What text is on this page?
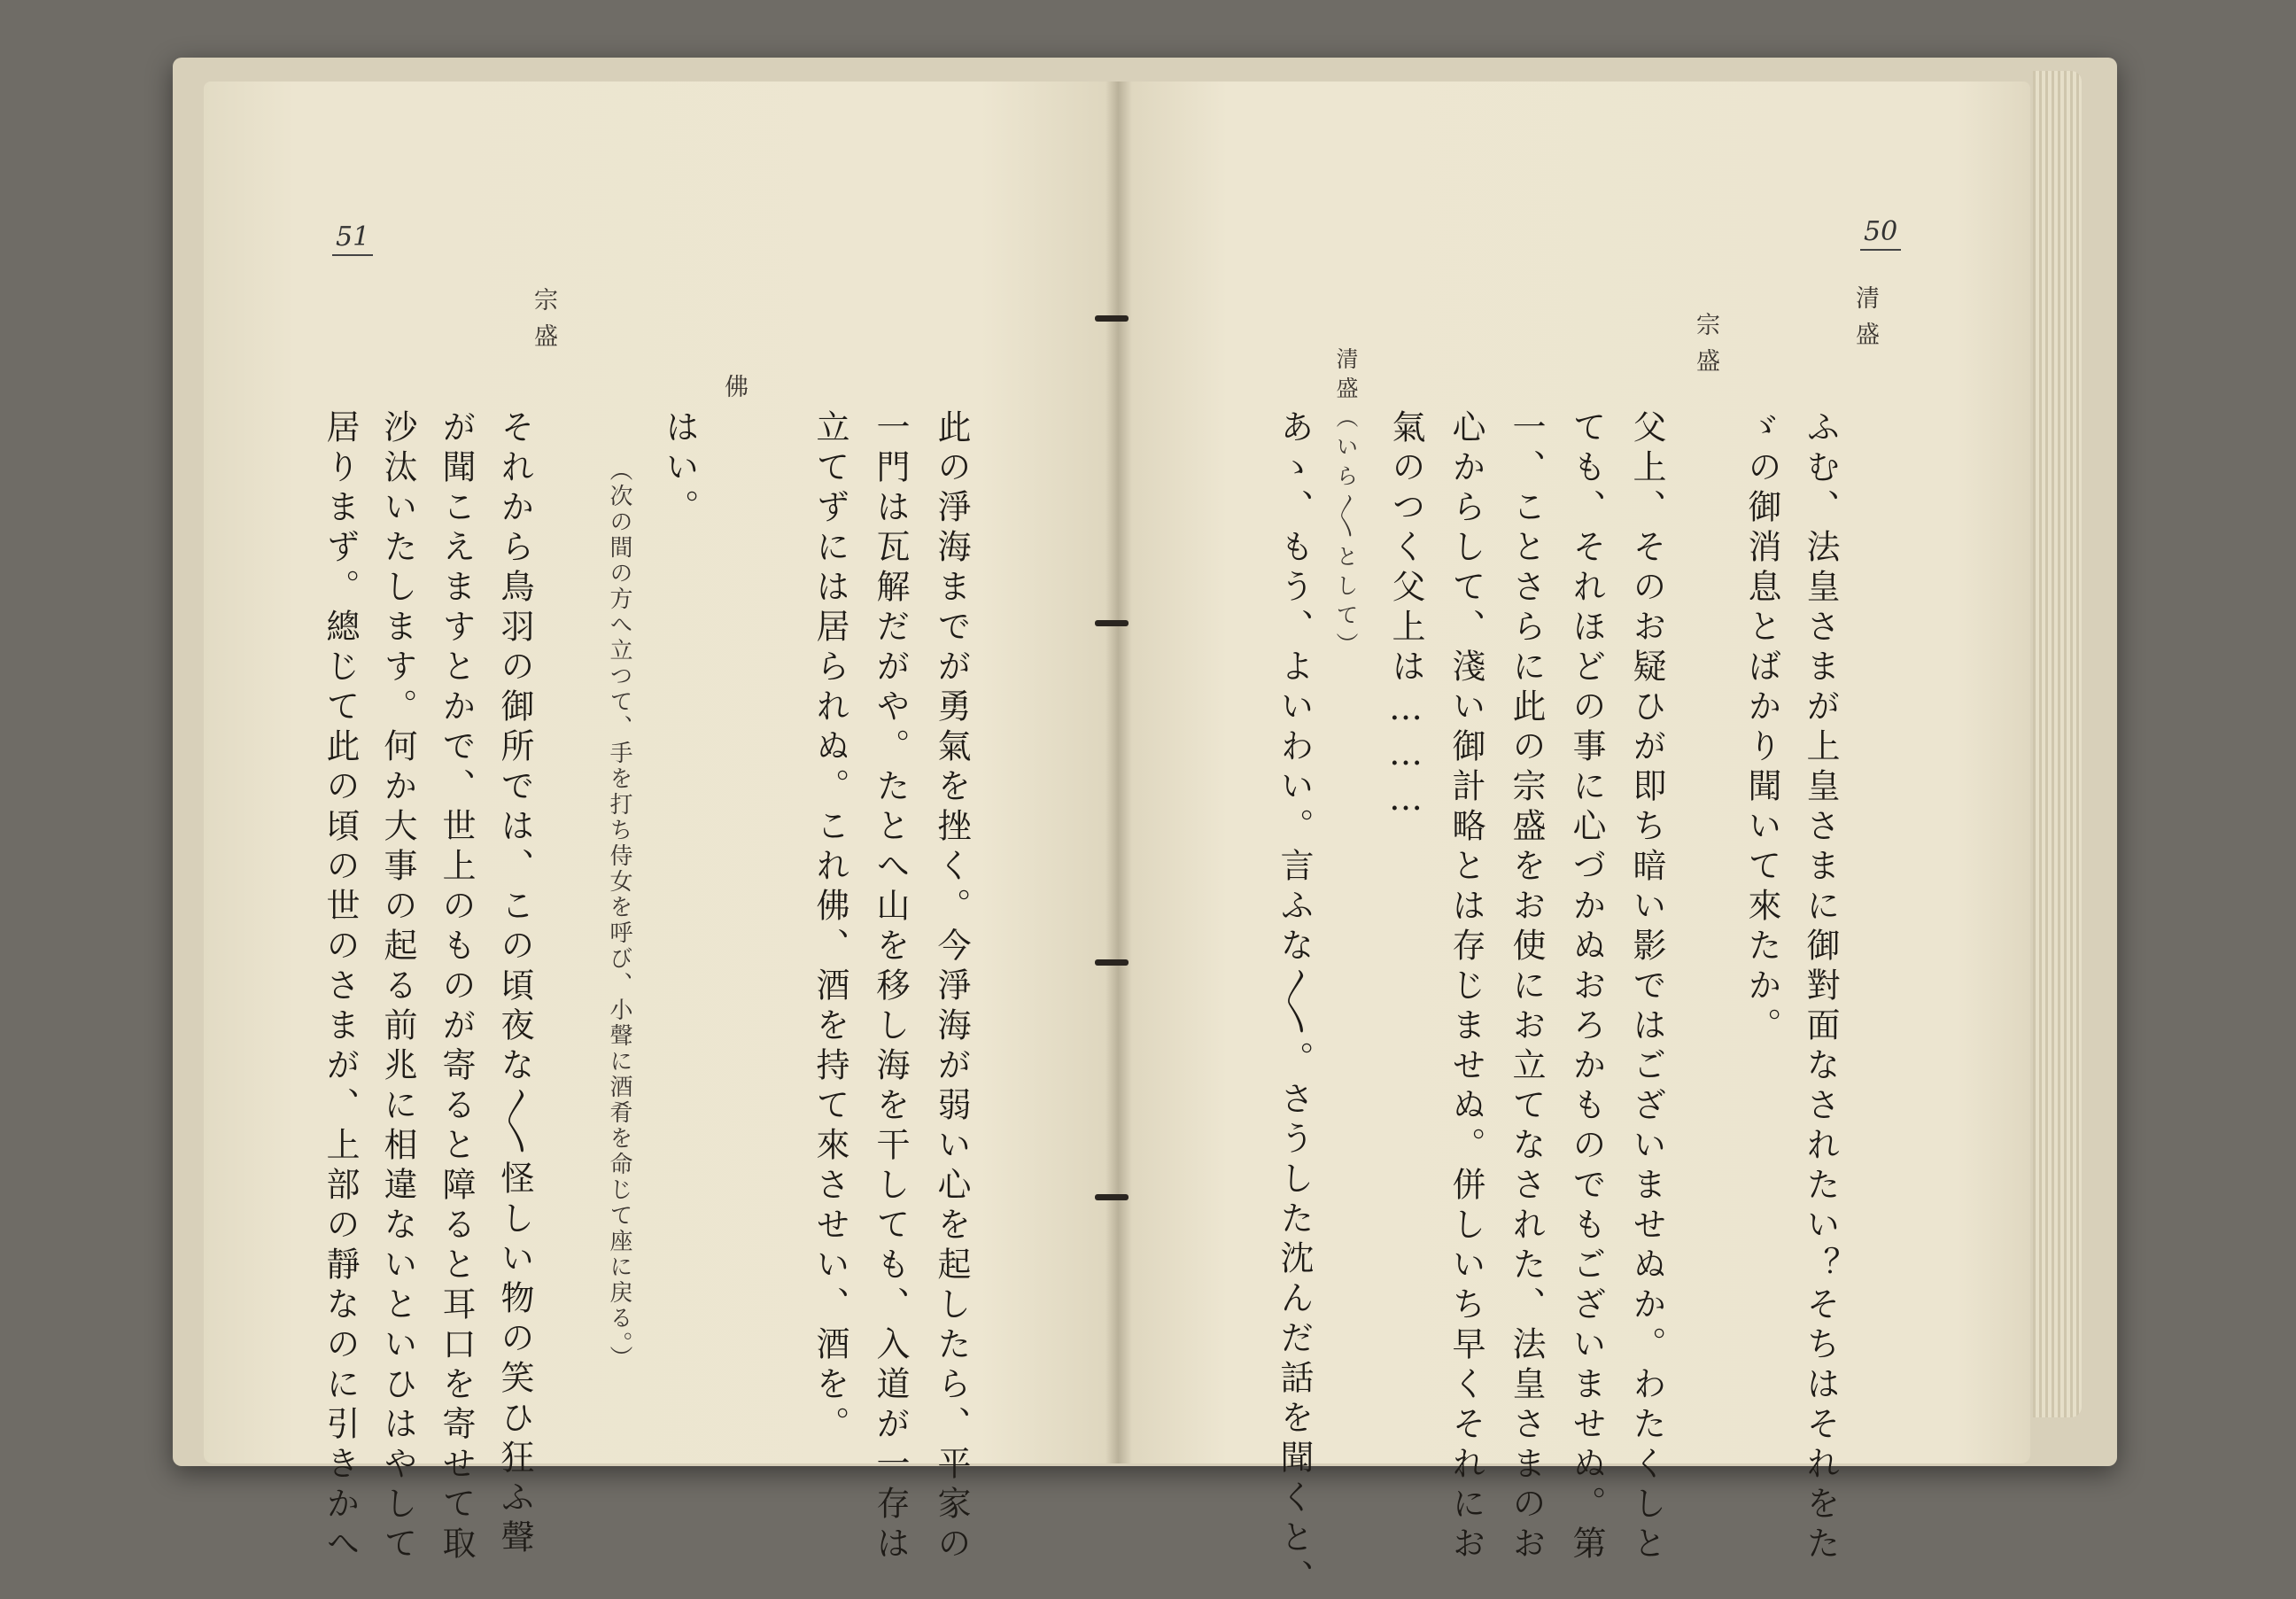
51
宗盛
居りまず。總じて此の頃の世のさまが、上部の靜なのに引きかへ 沙汰いたします。何か大事の起る前兆に相違ないといひはやして が聞こえますとかで、世上のものが寄ると障ると耳口を寄せて取 それから鳥羽の御所では、この頃夜な〳〵怪しい物の笑ひ狂ふ聲	（次の間の方へ立つて、手を打ち侍女を呼び、小聲に酒肴を命じて座に戻る。） はい。
佛
立てずには居られぬ。これ佛、酒を持て來させい、酒を。 一門は瓦解だがや。たとへ山を移し海を干しても、入道が一存は 此の淨海までが勇氣を挫く。今淨海が弱い心を起したら、平家の
50
清盛
ふむ、法皇さまが上皇さまに御對面なされたい？そちはそれをた
ゞの御消息とばかり聞いて來たか。
宗盛
父上、そのお疑ひが即ち暗い影ではございませぬか。わたくしと
ても、それほどの事に心づかぬおろかものでもございませぬ。第
一、ことさらに此の宗盛をお使にお立てなされた、法皇さまのお
心からして、淺い御計略とは存じませぬ。併しいち早くそれにお
氣のつく父上は………
清盛（いら〳〵として）
あゝ、もう、よいわい。言ふな〳〵。さうした沈んだ話を聞くと、
